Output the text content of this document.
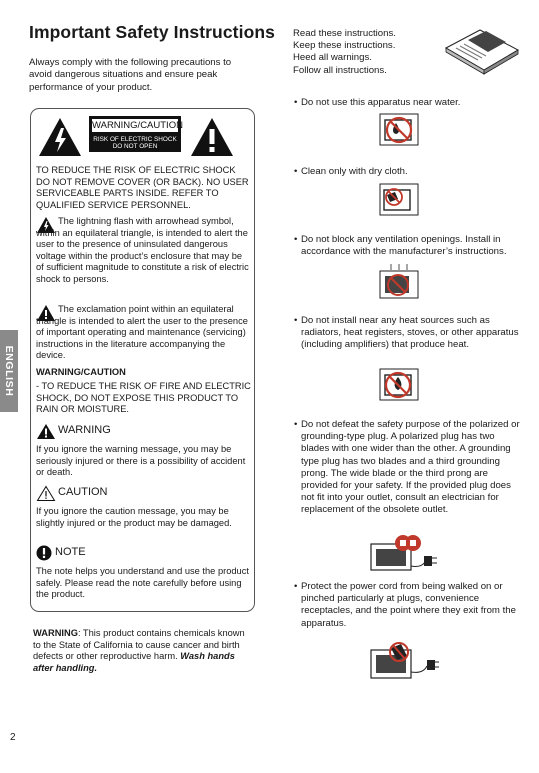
Important Safety Instructions
Always comply with the following precautions to avoid dangerous situations and ensure peak performance of your product.
WARNING/CAUTION
RISK OF ELECTRIC SHOCK
DO NOT OPEN
TO REDUCE THE RISK OF ELECTRIC SHOCK DO NOT REMOVE COVER (OR BACK). NO USER SERVICEABLE PARTS INSIDE. REFER TO QUALIFIED SERVICE PERSONNEL.
The lightning flash with arrowhead symbol, within an equilateral triangle, is intended to alert the user to the presence of uninsulated dangerous voltage within the product’s enclosure that may be of sufficient magnitude to constitute a risk of electric shock to persons.
The exclamation point within an equilateral triangle is intended to alert the user to the presence of important operating and maintenance (servicing) instructions in the literature accompanying the device.
WARNING/CAUTION
- TO REDUCE THE RISK OF FIRE AND ELECTRIC SHOCK, DO NOT EXPOSE THIS PRODUCT TO RAIN OR MOISTURE.
WARNING
If you ignore the warning message, you may be seriously injured or there is a possibility of accident or death.
CAUTION
If you ignore the caution message, you may be slightly injured or the product may be damaged.
NOTE
The note helps you understand and use the product safely. Please read the note carefully before using the product.
WARNING: This product contains chemicals known to the State of California to cause cancer and birth defects or other reproductive harm. Wash hands after handling.
ENGLISH
2
Read these instructions.
Keep these instructions.
Heed all warnings.
Follow all instructions.
• Do not use this apparatus near water.
• Clean only with dry cloth.
• Do not block any ventilation openings. Install in accordance with the manufacturer’s instructions.
• Do not install near any heat sources such as radiators, heat registers, stoves, or other apparatus (including amplifiers) that produce heat.
• Do not defeat the safety purpose of the polarized or grounding-type plug. A polarized plug has two blades with one wider than the other. A grounding type plug has two blades and a third grounding prong. The wide blade or the third prong are provided for your safety. If the provided plug does not fit into your outlet, consult an electrician for replacement of the obsolete outlet.
• Protect the power cord from being walked on or pinched particularly at plugs, convenience receptacles, and the point where they exit from the apparatus.
